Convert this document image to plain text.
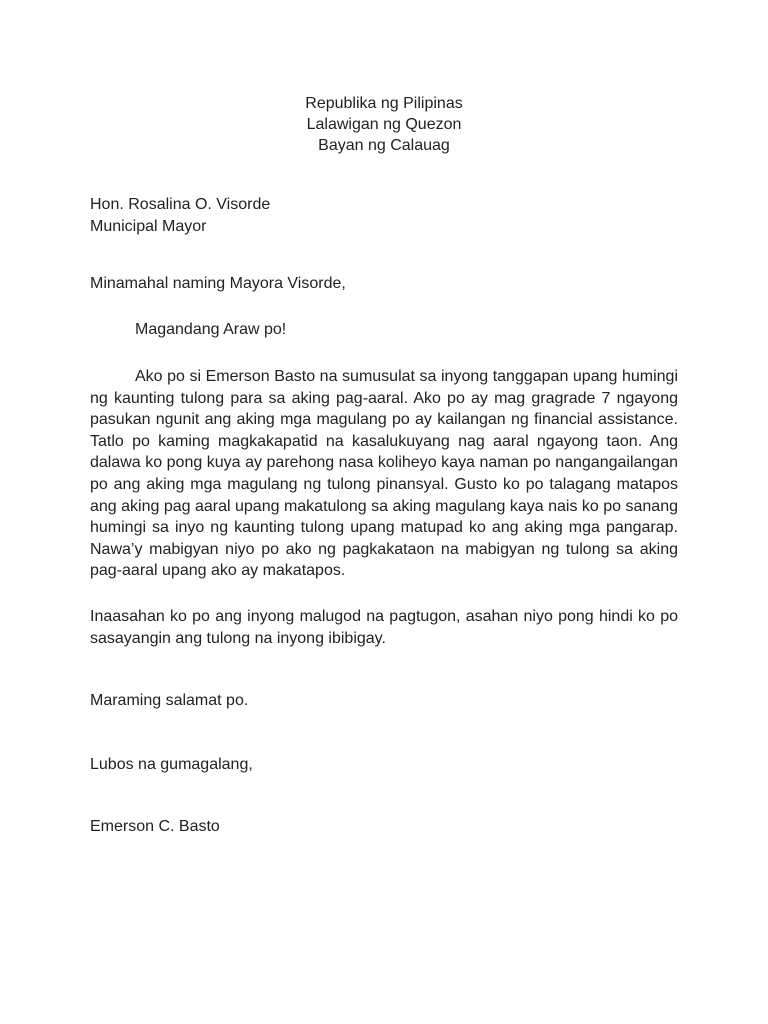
Republika ng Pilipinas
Lalawigan ng Quezon
Bayan ng Calauag
Hon. Rosalina O. Visorde
Municipal Mayor
Minamahal naming Mayora Visorde,
Magandang Araw po!
Ako po si Emerson Basto na sumusulat sa inyong tanggapan upang humingi ng kaunting tulong para sa aking pag-aaral. Ako po ay mag gragrade 7 ngayong pasukan ngunit ang aking mga magulang po ay kailangan ng financial assistance. Tatlo po kaming magkakapatid na kasalukuyang nag aaral ngayong taon. Ang dalawa ko pong kuya ay parehong nasa koliheyo kaya naman po nangangailangan po ang aking mga magulang ng tulong pinansyal. Gusto ko po talagang matapos ang aking pag aaral upang makatulong sa aking magulang kaya nais ko po sanang humingi sa inyo ng kaunting tulong upang matupad ko ang aking mga pangarap. Nawa’y mabigyan niyo po ako ng pagkakataon na mabigyan ng tulong sa aking pag-aaral upang ako ay makatapos.
Inaasahan ko po ang inyong malugod na pagtugon, asahan niyo pong hindi ko po sasayangin ang tulong na inyong ibibigay.
Maraming salamat po.
Lubos na gumagalang,
Emerson C. Basto
